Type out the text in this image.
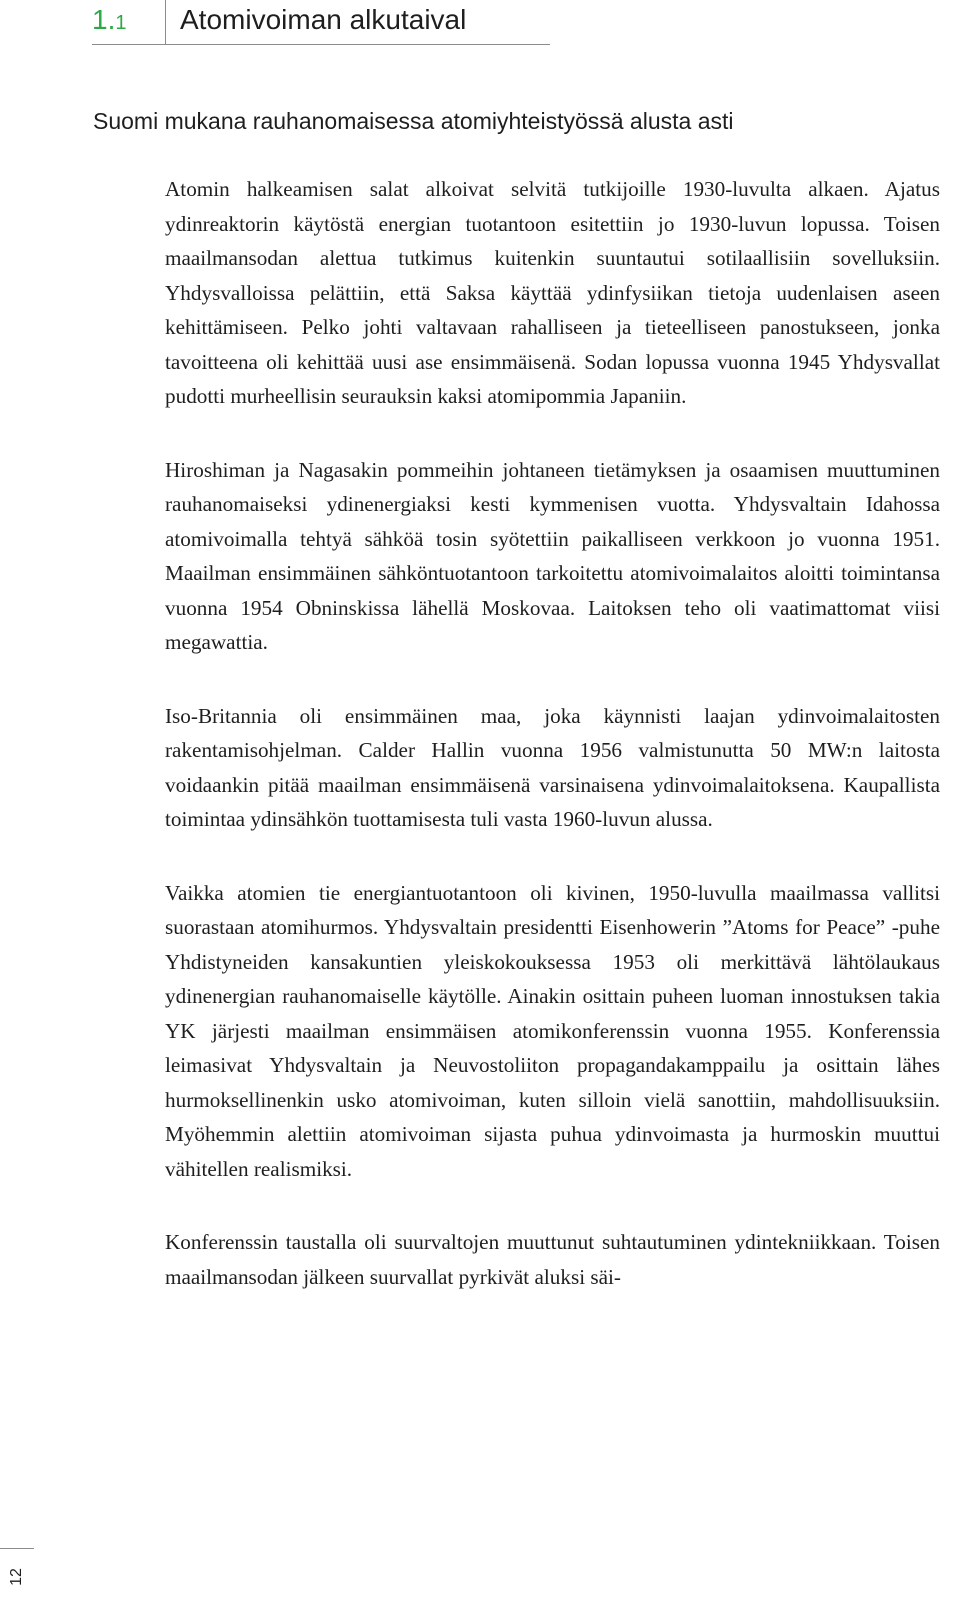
1.1 Atomivoiman alkutaival
Suomi mukana rauhanomaisessa atomiyhteistyössä alusta asti

Atomin halkeamisen salat alkoivat selvitä tutkijoille 1930-luvulta alkaen. Ajatus ydinreaktorin käytöstä energian tuotantoon esitettiin jo 1930-luvun lopussa. Toisen maailmansodan alettua tutkimus kuitenkin suuntautui sotilaallisiin sovelluksiin. Yhdysvalloissa pelättiin, että Saksa käyttää ydinfysiikan tietoja uudenlaisen aseen kehittämiseen. Pelko johti valtavaan rahalliseen ja tieteelliseen panostukseen, jonka tavoitteena oli kehittää uusi ase ensimmäisenä. Sodan lopussa vuonna 1945 Yhdysvallat pudotti murheellisin seurauksin kaksi atomipommia Japaniin.

Hiroshiman ja Nagasakin pommeihin johtaneen tietämyksen ja osaamisen muuttuminen rauhanomaiseksi ydinenergiaksi kesti kymmenisen vuotta. Yhdysvaltain Idahossa atomivoimalla tehtyä sähköä tosin syötettiin paikalliseen verkkoon jo vuonna 1951. Maailman ensimmäinen sähköntuotantoon tarkoitettu atomivoimalaitos aloitti toimintansa vuonna 1954 Obninskissa lähellä Moskovaa. Laitoksen teho oli vaatimattomat viisi megawattia.

Iso-Britannia oli ensimmäinen maa, joka käynnisti laajan ydinvoimalaitosten rakentamisohjelman. Calder Hallin vuonna 1956 valmistunutta 50 MW:n laitosta voidaankin pitää maailman ensimmäisenä varsinaisena ydinvoimalaitoksena. Kaupallista toimintaa ydinsähkön tuottamisesta tuli vasta 1960-luvun alussa.

Vaikka atomien tie energiantuotantoon oli kivinen, 1950-luvulla maailmassa vallitsi suorastaan atomihurmos. Yhdysvaltain presidentti Eisenhowerin ”Atoms for Peace” -puhe Yhdistyneiden kansakuntien yleiskokouksessa 1953 oli merkittävä lähtölaukaus ydinenergian rauhanomaiselle käytölle. Ainakin osittain puheen luoman innostuksen takia YK järjesti maailman ensimmäisen atomikonferenssin vuonna 1955. Konferenssia leimasivat Yhdysvaltain ja Neuvostoliiton propagandakamppailu ja osittain lähes hurmoksellinenkin usko atomivoiman, kuten silloin vielä sanottiin, mahdollisuuksiin. Myöhemmin alettiin atomivoiman sijasta puhua ydinvoimasta ja hurmoskin muuttui vähitellen realismiksi.

Konferenssin taustalla oli suurvaltojen muuttunut suhtautuminen ydintekniikkaan. Toisen maailmansodan jälkeen suurvallat pyrkivät aluksi säi-

12
